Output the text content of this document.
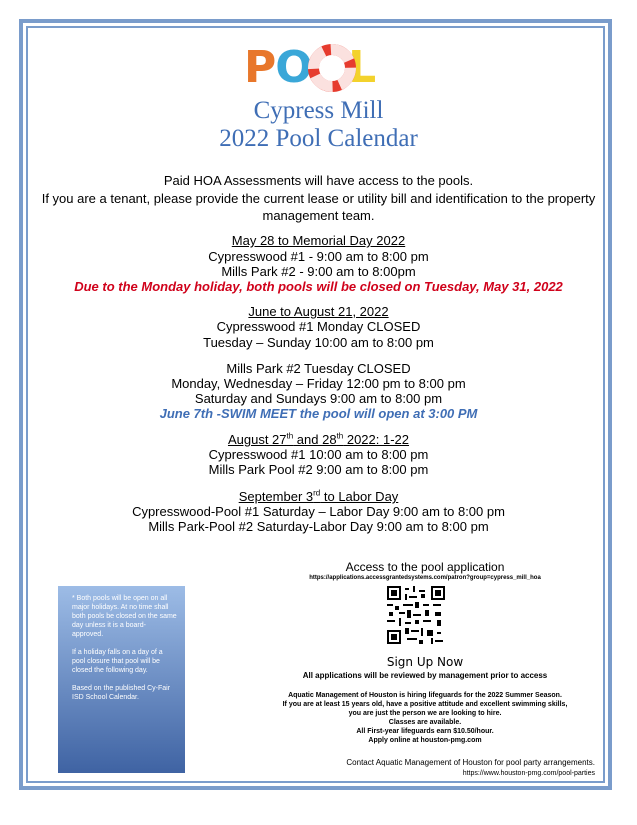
PO L
Cypress Mill
2022 Pool Calendar
Paid HOA Assessments will have access to the pools.
If you are a tenant, please provide the current lease or utility bill and identification to the property
management team.
May 28 to Memorial Day 2022
Cypresswood #1 - 9:00 am to 8:00 pm
Mills Park #2 - 9:00 am to 8:00pm
Due to the Monday holiday, both pools will be closed on Tuesday, May 31, 2022
June to August 21, 2022
Cypresswood #1 Monday CLOSED
Tuesday – Sunday 10:00 am to 8:00 pm
Mills Park #2 Tuesday CLOSED
Monday, Wednesday – Friday 12:00 pm to 8:00 pm
Saturday and Sundays 9:00 am to 8:00 pm
June 7th -SWIM MEET the pool will open at 3:00 PM
August 27th and 28th 2022: 1-22
Cypresswood #1 10:00 am to 8:00 pm
Mills Park Pool #2 9:00 am to 8:00 pm
September 3rd to Labor Day
Cypresswood-Pool #1 Saturday – Labor Day 9:00 am to 8:00 pm
Mills Park-Pool #2 Saturday-Labor Day 9:00 am to 8:00 pm

* Both pools will be open on all major holidays. At no time shall both pools be closed on the same day unless it is a board-approved.

If a holiday falls on a day of a pool closure that pool will be closed the following day.

Based on the published Cy-Fair ISD School Calendar.

Access to the pool application
https://applications.accessgrantedsystems.com/patron?group=cypress_mill_hoa
Sign Up Now
All applications will be reviewed by management prior to access
Aquatic Management of Houston is hiring lifeguards for the 2022 Summer Season.
If you are at least 15 years old, have a positive attitude and excellent swimming skills,
you are just the person we are looking to hire.
Classes are available.
All First-year lifeguards earn $10.50/hour.
Apply online at houston-pmg.com
Contact Aquatic Management of Houston for pool party arrangements.
https://www.houston-pmg.com/pool-parties
